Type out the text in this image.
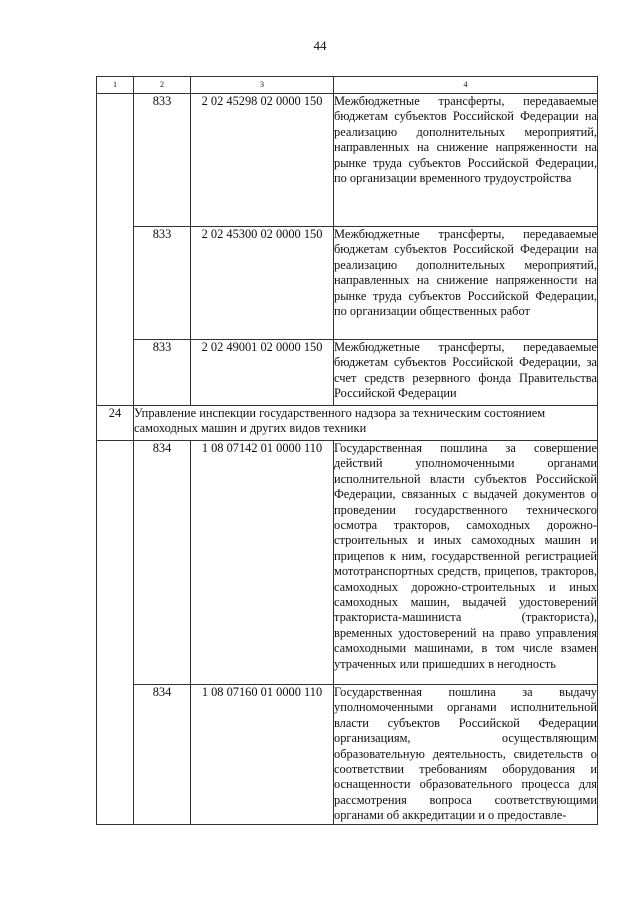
44
1	2	3	4
	833	2 02 45298 02 0000 150	Межбюджетные трансферты, передаваемые бюджетам субъектов Российской Федерации на реализацию дополнительных мероприятий, направленных на снижение напряженности на рынке труда субъектов Российской Федерации, по организации временного трудоустройства

	833	2 02 45300 02 0000 150	Межбюджетные трансферты, передаваемые бюджетам субъектов Российской Федерации на реализацию дополнительных мероприятий, направленных на снижение напряженности на рынке труда субъектов Российской Федерации, по организации общественных работ

	833	2 02 49001 02 0000 150	Межбюджетные трансферты, передаваемые бюджетам субъектов Российской Федерации, за счет средств резервного фонда Правительства Российской Федерации

24	Управление инспекции государственного надзора за техническим состоянием самоходных машин и других видов техники		

	834	1 08 07142 01 0000 110	Государственная пошлина за совершение действий уполномоченными органами исполнительной власти субъектов Российской Федерации, связанных с выдачей документов о проведении государственного технического осмотра тракторов, самоходных дорожно-строительных и иных самоходных машин и прицепов к ним, государственной регистрацией мототранспортных средств, прицепов, тракторов, самоходных дорожно-строительных и иных самоходных машин, выдачей удостоверений тракториста-машиниста (тракториста), временных удостоверений на право управления самоходными машинами, в том числе взамен утраченных или пришедших в негодность

	834	1 08 07160 01 0000 110	Государственная пошлина за выдачу уполномоченными органами исполнительной власти субъектов Российской Федерации организациям, осуществляющим образовательную деятельность, свидетельств о соответствии требованиям оборудования и оснащенности образовательного процесса для рассмотрения вопроса соответствующими органами об аккредитации и о предоставле-
